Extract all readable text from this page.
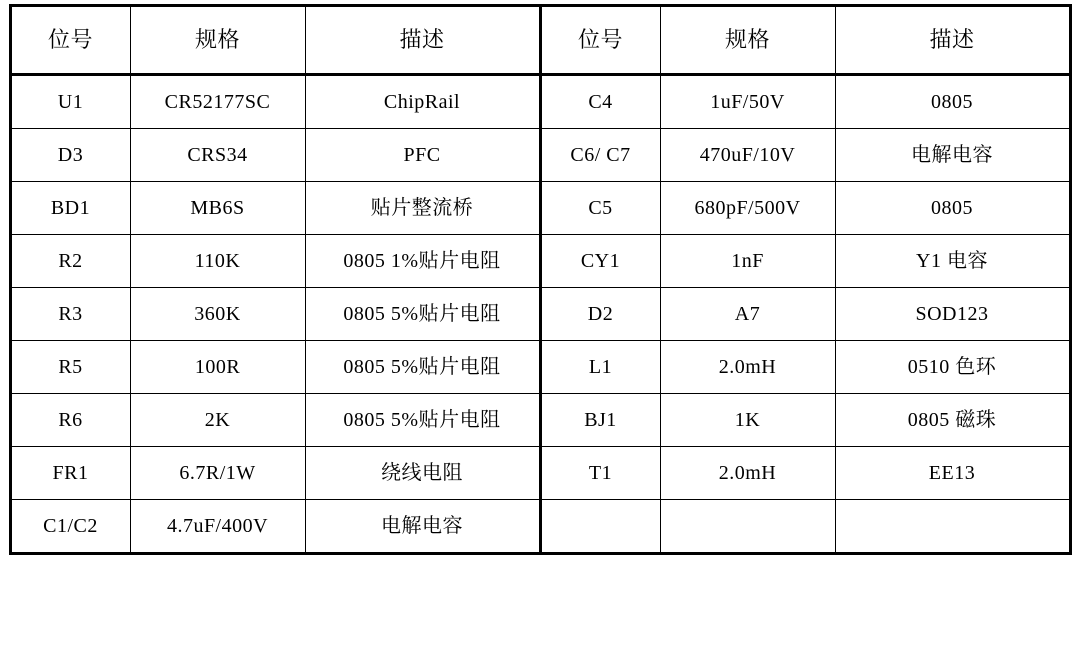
位号	规格	描述	位号	规格	描述
U1	CR52177SC	ChipRail	C4	1uF/50V	0805
D3	CRS34	PFC	C6/ C7	470uF/10V	电解电容
BD1	MB6S	贴片整流桥	C5	680pF/500V	0805
R2	110K	0805 1%贴片电阻	CY1	1nF	Y1 电容
R3	360K	0805 5%贴片电阻	D2	A7	SOD123
R5	100R	0805 5%贴片电阻	L1	2.0mH	0510 色环
R6	2K	0805 5%贴片电阻	BJ1	1K	0805 磁珠
FR1	6.7R/1W	绕线电阻	T1	2.0mH	EE13
C1/C2	4.7uF/400V	电解电容			
